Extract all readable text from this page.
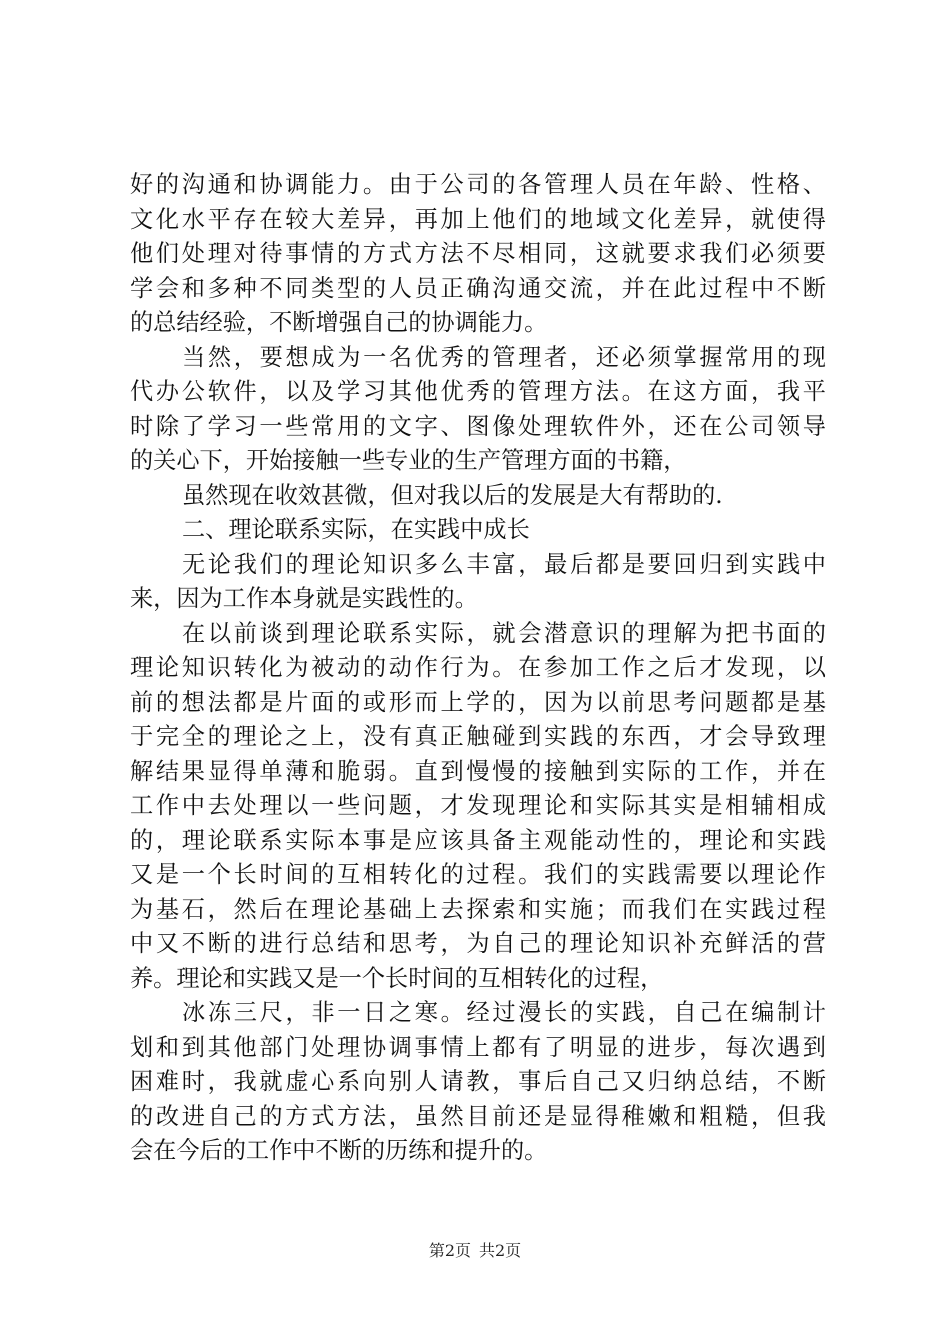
好的沟通和协调能力。由于公司的各管理人员在年龄、性格、
文化水平存在较大差异，再加上他们的地域文化差异，就使得
他们处理对待事情的方式方法不尽相同，这就要求我们必须要
学会和多种不同类型的人员正确沟通交流，并在此过程中不断
的总结经验，不断增强自己的协调能力。
当然，要想成为一名优秀的管理者，还必须掌握常用的现
代办公软件，以及学习其他优秀的管理方法。在这方面，我平
时除了学习一些常用的文字、图像处理软件外，还在公司领导
的关心下，开始接触一些专业的生产管理方面的书籍，
虽然现在收效甚微，但对我以后的发展是大有帮助的.
二、理论联系实际，在实践中成长
无论我们的理论知识多么丰富，最后都是要回归到实践中
来，因为工作本身就是实践性的。
在以前谈到理论联系实际，就会潜意识的理解为把书面的
理论知识转化为被动的动作行为。在参加工作之后才发现，以
前的想法都是片面的或形而上学的，因为以前思考问题都是基
于完全的理论之上，没有真正触碰到实践的东西，才会导致理
解结果显得单薄和脆弱。直到慢慢的接触到实际的工作，并在
工作中去处理以一些问题，才发现理论和实际其实是相辅相成
的，理论联系实际本事是应该具备主观能动性的，理论和实践
又是一个长时间的互相转化的过程。我们的实践需要以理论作
为基石，然后在理论基础上去探索和实施；而我们在实践过程
中又不断的进行总结和思考，为自己的理论知识补充鲜活的营
养。理论和实践又是一个长时间的互相转化的过程，
冰冻三尺，非一日之寒。经过漫长的实践，自己在编制计
划和到其他部门处理协调事情上都有了明显的进步，每次遇到
困难时，我就虚心系向别人请教，事后自己又归纳总结，不断
的改进自己的方式方法，虽然目前还是显得稚嫩和粗糙，但我
会在今后的工作中不断的历练和提升的。
第2页 共2页
